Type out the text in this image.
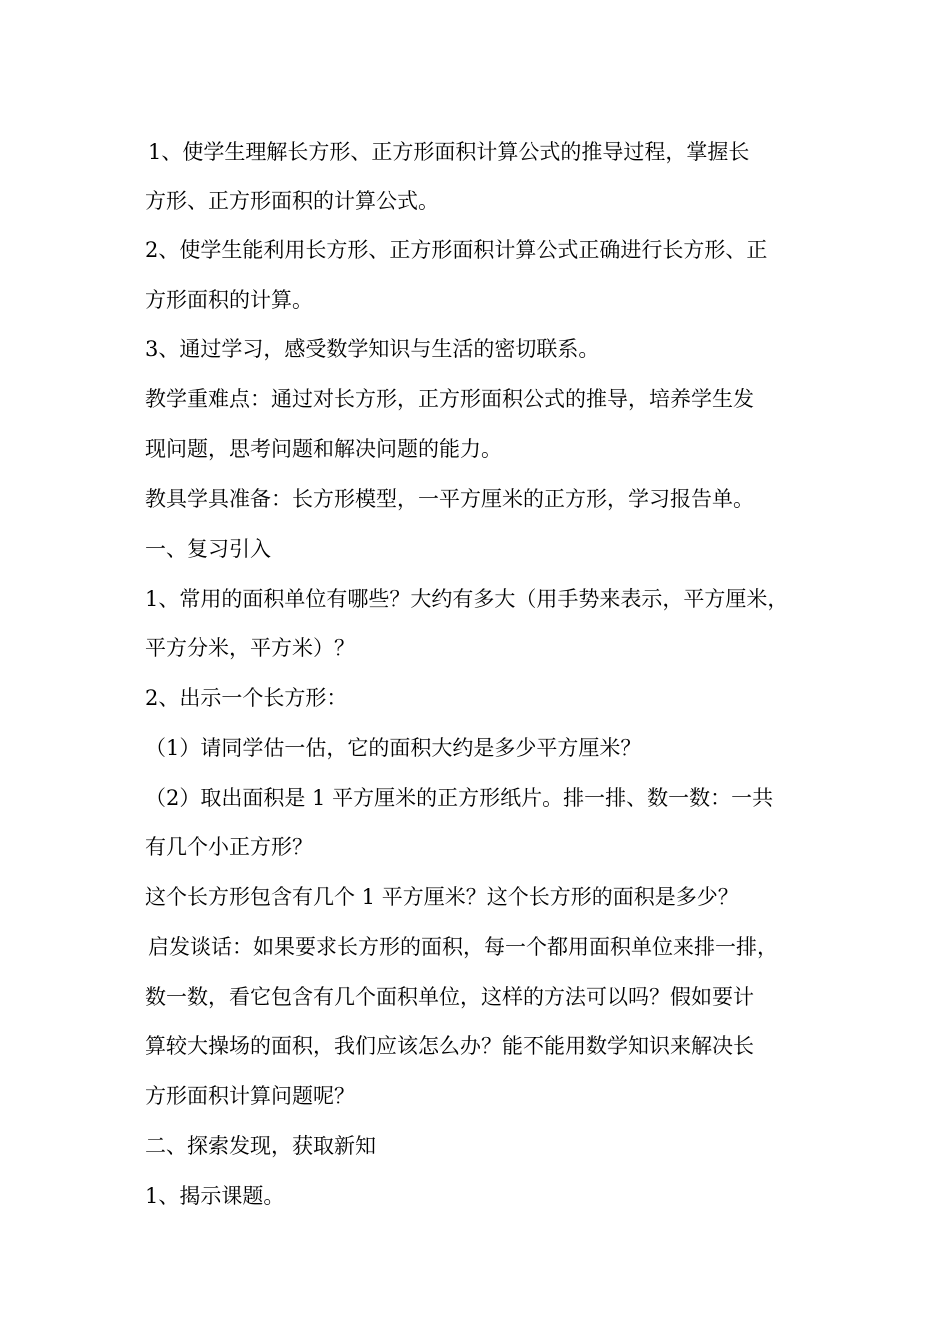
1、使学生理解长方形、正方形面积计算公式的推导过程，掌握长
方形、正方形面积的计算公式。
2、使学生能利用长方形、正方形面积计算公式正确进行长方形、正
方形面积的计算。
3、通过学习，感受数学知识与生活的密切联系。
教学重难点：通过对长方形，正方形面积公式的推导，培养学生发
现问题，思考问题和解决问题的能力。
教具学具准备：长方形模型，一平方厘米的正方形，学习报告单。
一、复习引入
1、常用的面积单位有哪些？大约有多大（用手势来表示，平方厘米，
平方分米，平方米）？
2、出示一个长方形：
（1）请同学估一估，它的面积大约是多少平方厘米？
（2）取出面积是 1 平方厘米的正方形纸片。排一排、数一数：一共
有几个小正方形？
这个长方形包含有几个 1 平方厘米？这个长方形的面积是多少？
启发谈话：如果要求长方形的面积，每一个都用面积单位来排一排，
数一数，看它包含有几个面积单位，这样的方法可以吗？假如要计
算较大操场的面积，我们应该怎么办？能不能用数学知识来解决长
方形面积计算问题呢？
二、探索发现，获取新知
1、揭示课题。
